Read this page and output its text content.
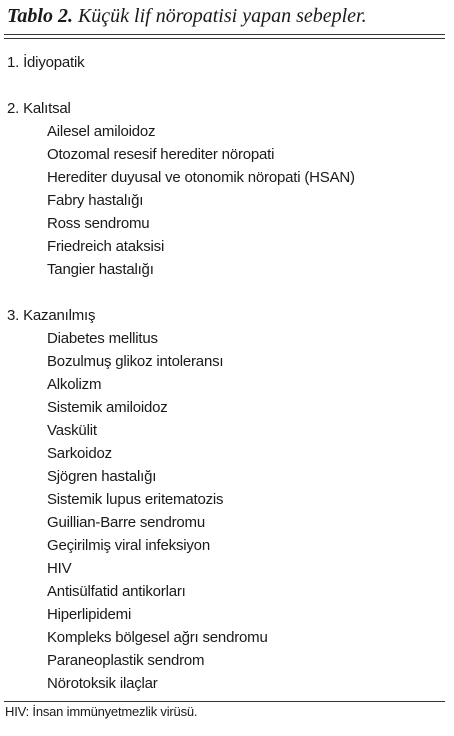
Tablo 2. Küçük lif nöropatisi yapan sebepler.
1. İdiyopatik
2. Kalıtsal
Ailesel amiloidoz
Otozomal resesif herediter nöropati
Herediter duyusal ve otonomik nöropati (HSAN)
Fabry hastalığı
Ross sendromu
Friedreich ataksisi
Tangier hastalığı
3. Kazanılmış
Diabetes mellitus
Bozulmuş glikoz intoleransı
Alkolizm
Sistemik amiloidoz
Vaskülit
Sarkoidoz
Sjögren hastalığı
Sistemik lupus eritematozis
Guillian-Barre sendromu
Geçirilmiş viral infeksiyon
HIV
Antisülfatid antikorları
Hiperlipidemi
Kompleks bölgesel ağrı sendromu
Paraneoplastik sendrom
Nörotoksik ilaçlar
HIV: İnsan immünyetmezlik virüsü.
